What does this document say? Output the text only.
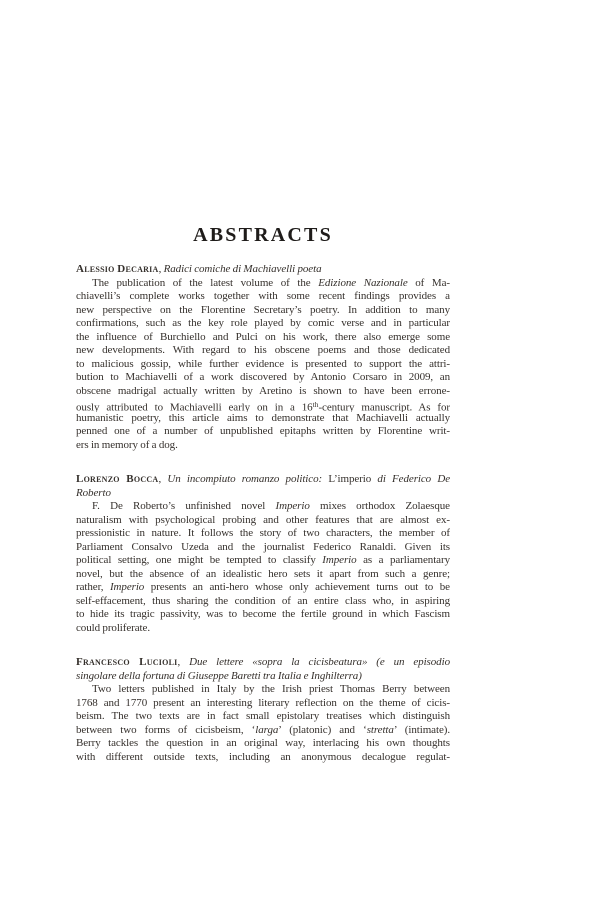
ABSTRACTS
Alessio Decaria, Radici comiche di Machiavelli poeta
The publication of the latest volume of the Edizione Nazionale of Ma-
chiavelli’s complete works together with some recent findings provides a
new perspective on the Florentine Secretary’s poetry. In addition to many
confirmations, such as the key role played by comic verse and in particular
the influence of Burchiello and Pulci on his work, there also emerge some
new developments. With regard to his obscene poems and those dedicated
to malicious gossip, while further evidence is presented to support the attri-
bution to Machiavelli of a work discovered by Antonio Corsaro in 2009, an
obscene madrigal actually written by Aretino is shown to have been errone-
ously attributed to Machiavelli early on in a 16th-century manuscript. As for
humanistic poetry, this article aims to demonstrate that Machiavelli actually
penned one of a number of unpublished epitaphs written by Florentine writ-
ers in memory of a dog.
Lorenzo Bocca, Un incompiuto romanzo politico: L’imperio di Federico De
Roberto
F. De Roberto’s unfinished novel Imperio mixes orthodox Zolaesque
naturalism with psychological probing and other features that are almost ex-
pressionistic in nature. It follows the story of two characters, the member of
Parliament Consalvo Uzeda and the journalist Federico Ranaldi. Given its
political setting, one might be tempted to classify Imperio as a parliamentary
novel, but the absence of an idealistic hero sets it apart from such a genre;
rather, Imperio presents an anti-hero whose only achievement turns out to be
self-effacement, thus sharing the condition of an entire class who, in aspiring
to hide its tragic passivity, was to become the fertile ground in which Fascism
could proliferate.
Francesco Lucioli, Due lettere «sopra la cicisbeatura» (e un episodio
singolare della fortuna di Giuseppe Baretti tra Italia e Inghilterra)
Two letters published in Italy by the Irish priest Thomas Berry between
1768 and 1770 present an interesting literary reflection on the theme of cicis-
beism. The two texts are in fact small epistolary treatises which distinguish
between two forms of cicisbeism, ‘larga’ (platonic) and ‘stretta’ (intimate).
Berry tackles the question in an original way, interlacing his own thoughts
with different outside texts, including an anonymous decalogue regulat-
